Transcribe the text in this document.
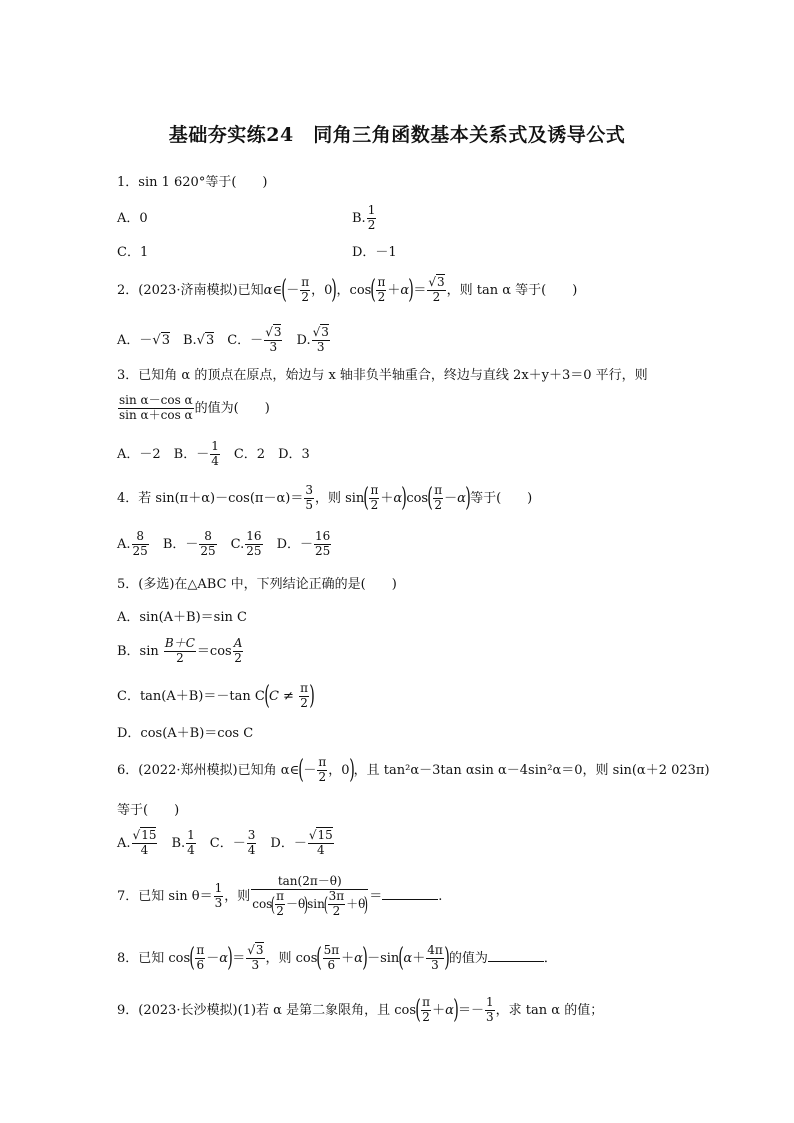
基础夯实练24　同角三角函数基本关系式及诱导公式
1．sin 1 620°等于(　　)
A．0	B. $\frac{1}{2}$
C．1	D．－1
2．(2023·济南模拟)已知α∈(－ $\frac{\pi}{2}$ ，0)，$\cos( \frac{\pi}{2} +\alpha)= \frac{√3}{2}$ ，则 tan α 等于(　　)
A．－√3　B.√3　C．－ $\frac{√3}{3}$ 　D. $\frac{√3}{3}$
3．已知角 α 的顶点在原点，始边与 x 轴非负半轴重合，终边与直线 2x＋y＋3＝0 平行，则
$\frac{\text{sin α－cos α}}{\text{sin α＋cos α}}$ 的值为(　　)
A．－2　B．－ $\frac{1}{4}$ 　C．2　D．3
4．若 $\sin(\pi+\alpha)-\cos(\pi-\alpha)= \frac{3}{5}$ ，则 $\sin( \frac{\pi}{2} +\alpha)\cos( \frac{\pi}{2} -\alpha)$等于(　　)
A. $\frac{8}{25}$ 　B．－ $\frac{8}{25}$ 　C. $\frac{16}{25}$ 　D．－ $\frac{16}{25}$
5．(多选)在△ABC 中，下列结论正确的是(　　)
A．sin(A＋B)＝sin C
B．$\sin \frac{B+C}{2} =\cos \frac{A}{2}$
C．tan(A＋B)＝－tan $C(C \ne \frac{\pi}{2}$ )
D．cos(A＋B)＝cos C
6．(2022·郑州模拟)已知角 α∈(－ $\frac{\pi}{2}$ ，0)，且 tan²α－3tan αsin α－4sin²α＝0，则 sin(α＋2 023π)
等于(　　)
A. $\frac{√15}{4}$ 　B. $\frac{1}{4}$ 　C．－ $\frac{3}{4}$ 　D．－ $\frac{√15}{4}$
7．已知 $\sin \theta= \frac{1}{3}$ ，则 $\frac{\tan(2\pi-\theta)}{\cos( \frac{\pi}{2} -\theta)\sin( \frac{3\pi}{2} +\theta)}$ ＝	.
8．已知 $\cos( \frac{\pi}{6} -\alpha)= \frac{√3}{3}$ ，则 $\cos( \frac{5\pi}{6} +\alpha)-\sin(\alpha+ \frac{4\pi}{3}$ )的值为	．
9．(2023·长沙模拟)(1)若 α 是第二象限角，且 $\cos( \frac{\pi}{2} +\alpha)=- \frac{1}{3}$ ，求 tan α 的值；
